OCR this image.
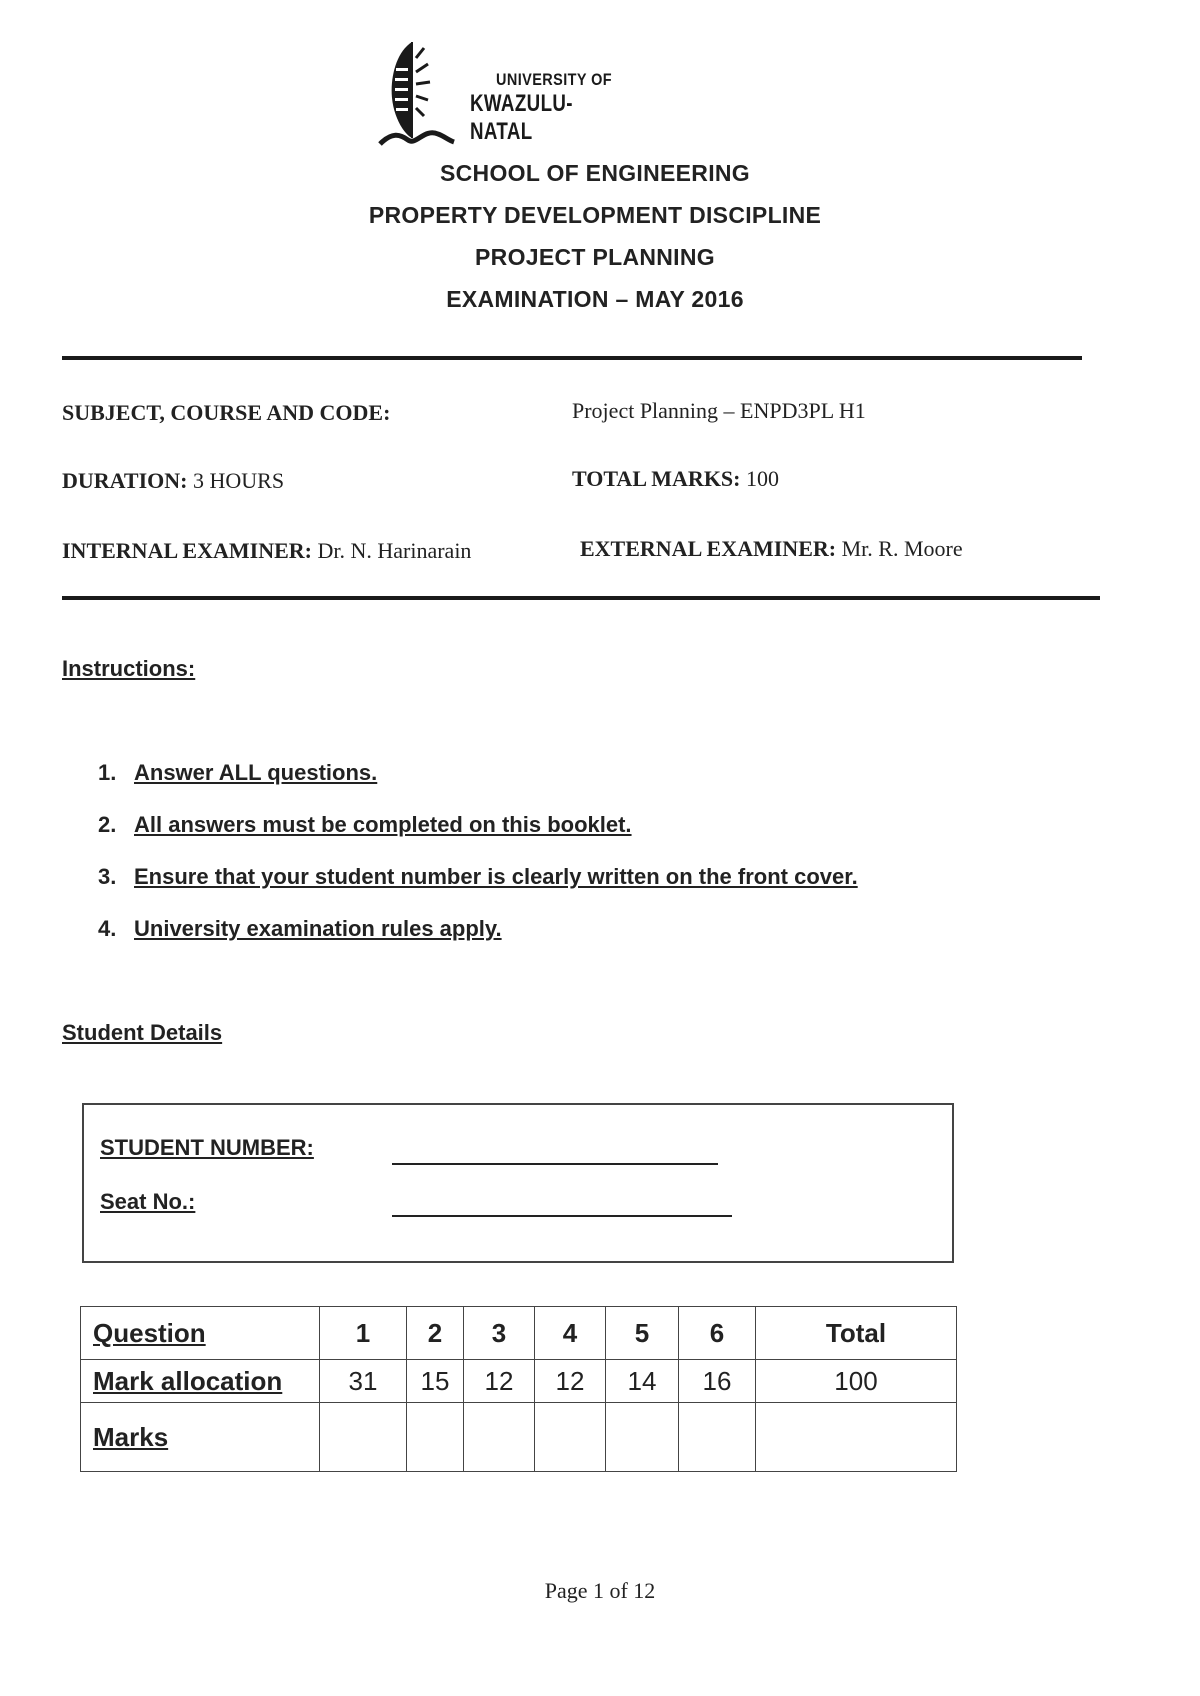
UNIVERSITY OF
KWAZULU-NATAL
SCHOOL OF ENGINEERING
PROPERTY DEVELOPMENT DISCIPLINE
PROJECT PLANNING
EXAMINATION – MAY 2016
SUBJECT, COURSE AND CODE:	Project Planning – ENPD3PL H1
DURATION: 3 HOURS	TOTAL MARKS: 100
INTERNAL EXAMINER: Dr. N. Harinarain	EXTERNAL EXAMINER: Mr. R. Moore
Instructions:
1. Answer ALL questions.
2. All answers must be completed on this booklet.
3. Ensure that your student number is clearly written on the front cover.
4. University examination rules apply.
Student Details
STUDENT NUMBER:
Seat No.:
Question	1	2	3	4	5	6	Total
Mark allocation	31	15	12	12	14	16	100
Marks							
Page 1 of 12
